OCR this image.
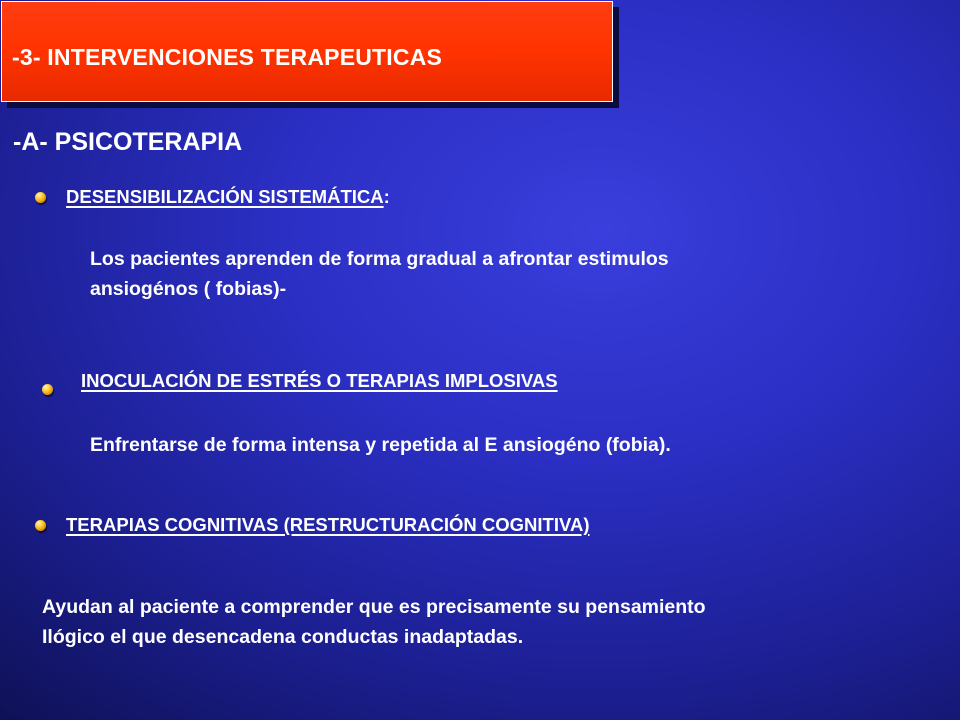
-3- INTERVENCIONES TERAPEUTICAS
-A- PSICOTERAPIA
DESENSIBILIZACIÓN SISTEMÁTICA:
Los pacientes aprenden de forma gradual a afrontar estimulos
ansiogénos ( fobias)-
INOCULACIÓN DE ESTRÉS O TERAPIAS IMPLOSIVAS
Enfrentarse de forma intensa y repetida al E ansiogéno (fobia).
TERAPIAS COGNITIVAS (RESTRUCTURACIÓN COGNITIVA)
Ayudan al paciente a comprender que es precisamente su pensamiento
Ilógico el que desencadena conductas inadaptadas.
